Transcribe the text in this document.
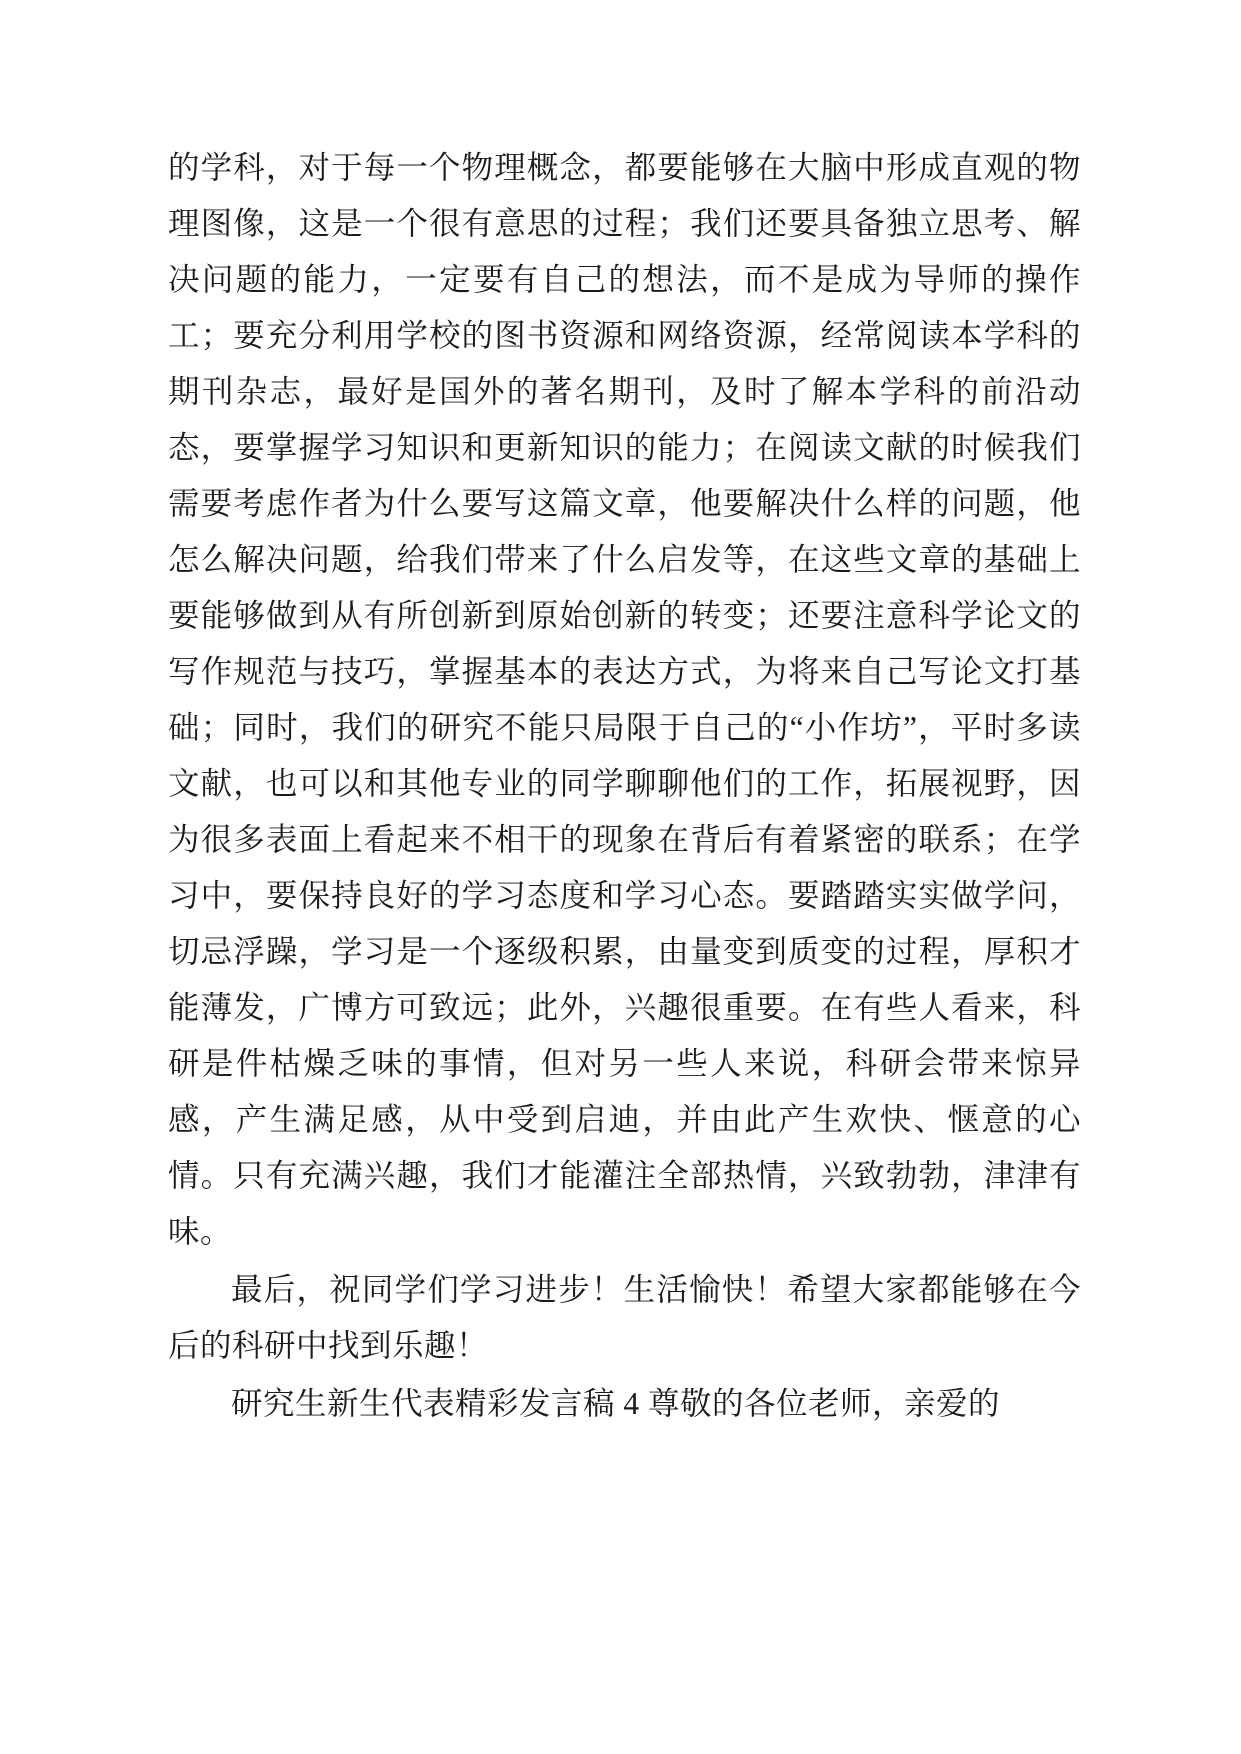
的学科，对于每一个物理概念，都要能够在大脑中形成直观的物理图像，这是一个很有意思的过程；我们还要具备独立思考、解决问题的能力，一定要有自己的想法，而不是成为导师的操作工；要充分利用学校的图书资源和网络资源，经常阅读本学科的期刊杂志，最好是国外的著名期刊，及时了解本学科的前沿动态，要掌握学习知识和更新知识的能力；在阅读文献的时候我们需要考虑作者为什么要写这篇文章，他要解决什么样的问题，他怎么解决问题，给我们带来了什么启发等，在这些文章的基础上要能够做到从有所创新到原始创新的转变；还要注意科学论文的写作规范与技巧，掌握基本的表达方式，为将来自己写论文打基础；同时，我们的研究不能只局限于自己的“小作坊”，平时多读文献，也可以和其他专业的同学聊聊他们的工作，拓展视野，因为很多表面上看起来不相干的现象在背后有着紧密的联系；在学习中，要保持良好的学习态度和学习心态。要踏踏实实做学问，切忌浮躁，学习是一个逐级积累，由量变到质变的过程，厚积才能薄发，广博方可致远；此外，兴趣很重要。在有些人看来，科研是件枯燥乏味的事情，但对另一些人来说，科研会带来惊异感，产生满足感，从中受到启迪，并由此产生欢快、惬意的心情。只有充满兴趣，我们才能灌注全部热情，兴致勃勃，津津有味。

最后，祝同学们学习进步！生活愉快！希望大家都能够在今后的科研中找到乐趣！

研究生新生代表精彩发言稿 4 尊敬的各位老师，亲爱的
